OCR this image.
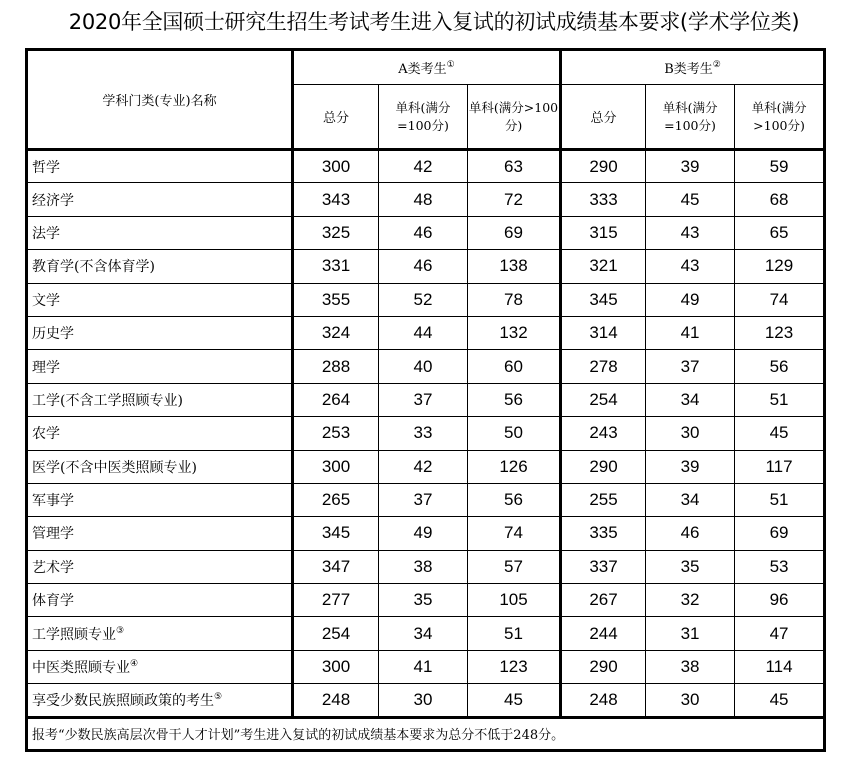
2020年全国硕士研究生招生考试考生进入复试的初试成绩基本要求(学术学位类)
学科门类(专业)名称	A类考生①			B类考生②
	总分	单科(满分=100分)	单科(满分>100分)	总分	单科(满分=100分)	单科(满分>100分)
哲学	300	42	63	290	39	59
经济学	343	48	72	333	45	68
法学	325	46	69	315	43	65
教育学(不含体育学)	331	46	138	321	43	129
文学	355	52	78	345	49	74
历史学	324	44	132	314	41	123
理学	288	40	60	278	37	56
工学(不含工学照顾专业)	264	37	56	254	34	51
农学	253	33	50	243	30	45
医学(不含中医类照顾专业)	300	42	126	290	39	117
军事学	265	37	56	255	34	51
管理学	345	49	74	335	46	69
艺术学	347	38	57	337	35	53
体育学	277	35	105	267	32	96
工学照顾专业③	254	34	51	244	31	47
中医类照顾专业④	300	41	123	290	38	114
享受少数民族照顾政策的考生⑤	248	30	45	248	30	45
报考“少数民族高层次骨干人才计划”考生进入复试的初试成绩基本要求为总分不低于248分。						
